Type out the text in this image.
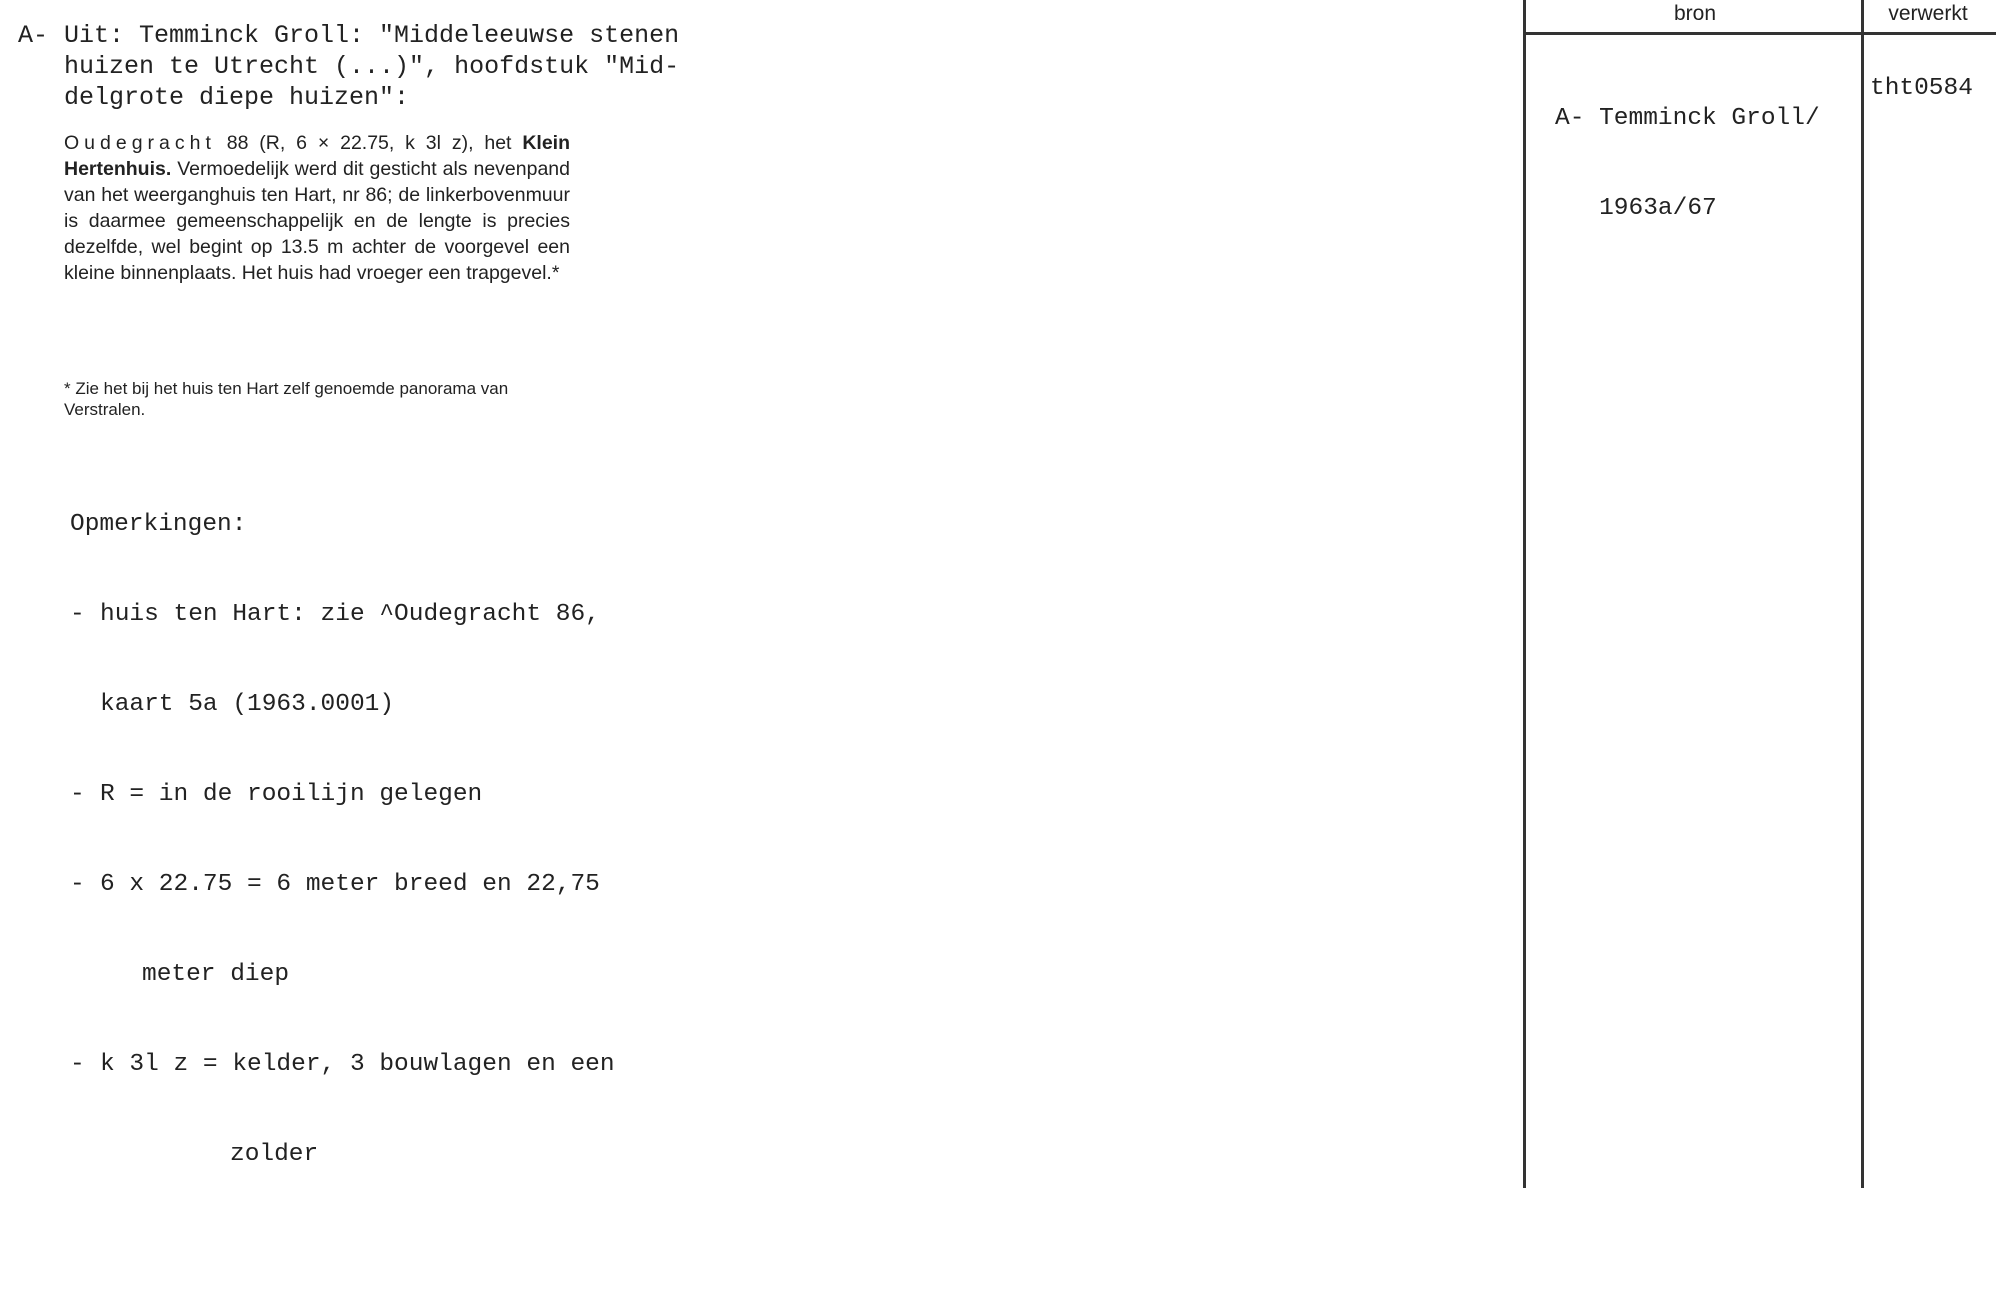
A- Uit: Temminck Groll: "Middeleeuwse stenen
huizen te Utrecht (...)", hoofdstuk "Mid-
delgrote diepe huizen":
Oudegracht 88 (R, 6 × 22.75, k 3l z), het Klein Hertenhuis. Vermoedelijk werd dit gesticht als nevenpand van het weerganghuis ten Hart, nr 86; de linkerbovenmuur is daarmee gemeenschappelijk en de lengte is precies dezelfde, wel begint op 13.5 m achter de voorgevel een kleine binnenplaats. Het huis had vroeger een trapgevel.*
* Zie het bij het huis ten Hart zelf genoemde panorama van Verstralen.

Opmerkingen:

- huis ten Hart: zie ^Oudegracht 86,

kaart 5a (1963.0001)

- R = in de rooilijn gelegen

- 6 x 22.75 = 6 meter breed en 22,75

meter diep

- k 3l z = kelder, 3 bouwlagen en een

zolder

bron	verwerkt

A- Temminck Groll/

1963a/67

tht0584
